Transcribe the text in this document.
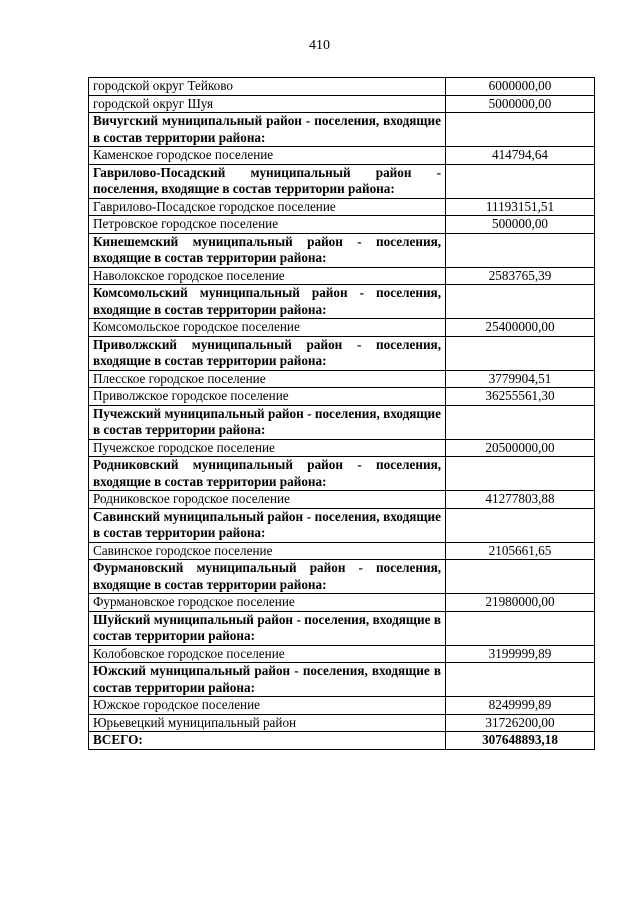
410
городской округ Тейково	6000000,00
городской округ Шуя	5000000,00
Вичугский муниципальный район - поселения, входящие в состав территории района:	
Каменское городское поселение	414794,64
Гаврилово-Посадский муниципальный район - поселения, входящие в состав территории района:	
Гаврилово-Посадское городское поселение	11193151,51
Петровское городское поселение	500000,00
Кинешемский муниципальный район - поселения, входящие в состав территории района:	
Наволокское городское поселение	2583765,39
Комсомольский муниципальный район - поселения, входящие в состав территории района:	
Комсомольское городское поселение	25400000,00
Приволжский муниципальный район - поселения, входящие в состав территории района:	
Плесское городское поселение	3779904,51
Приволжское городское поселение	36255561,30
Пучежский муниципальный район - поселения, входящие в состав территории района:	
Пучежское городское поселение	20500000,00
Родниковский муниципальный район - поселения, входящие в состав территории района:	
Родниковское городское поселение	41277803,88
Савинский муниципальный район - поселения, входящие в состав территории района:	
Савинское городское поселение	2105661,65
Фурмановский муниципальный район - поселения, входящие в состав территории района:	
Фурмановское городское поселение	21980000,00
Шуйский муниципальный район - поселения, входящие в состав территории района:	
Колобовское городское поселение	3199999,89
Южский муниципальный район - поселения, входящие в состав территории района:	
Южское городское поселение	8249999,89
Юрьевецкий муниципальный район	31726200,00
ВСЕГО:	307648893,18
